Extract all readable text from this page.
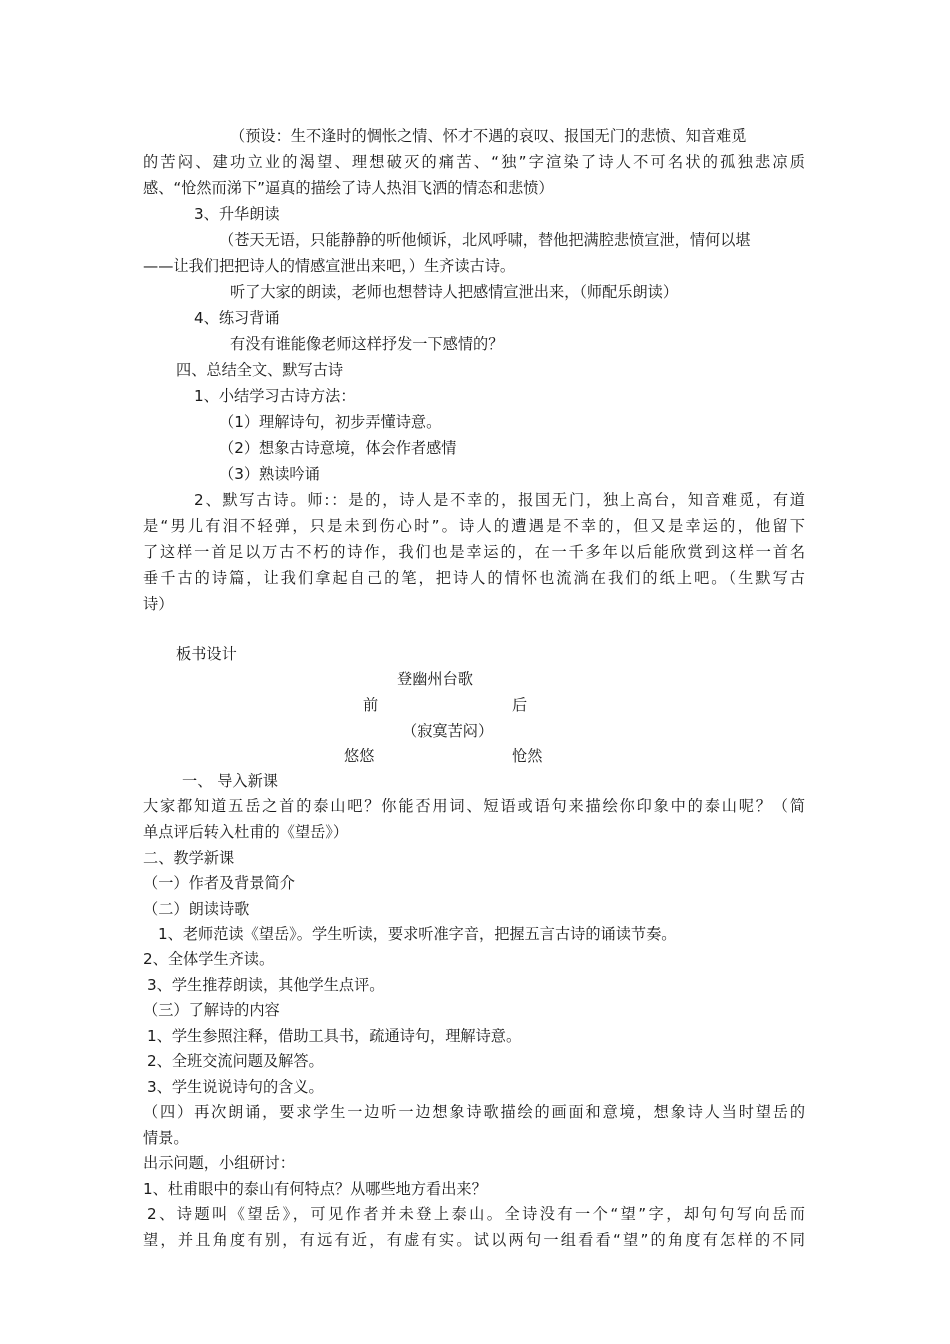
（预设：生不逢时的惆怅之情、怀才不遇的哀叹、报国无门的悲愤、知音难觅

的苦闷、建功立业的渴望、理想破灭的痛苦、“独”字渲染了诗人不可名状的孤独悲凉质

感、“怆然而涕下”逼真的描绘了诗人热泪飞洒的情态和悲愤）

3、升华朗读

（苍天无语，只能静静的听他倾诉，北风呼啸，替他把满腔悲愤宣泄，情何以堪

——让我们把把诗人的情感宣泄出来吧，）生齐读古诗。

听了大家的朗读，老师也想替诗人把感情宣泄出来，（师配乐朗读）

4、练习背诵

有没有谁能像老师这样抒发一下感情的？

四、总结全文、默写古诗

1、小结学习古诗方法：

（1）理解诗句，初步弄懂诗意。

（2）想象古诗意境，体会作者感情

（3）熟读吟诵

2、默写古诗。师:：是的，诗人是不幸的，报国无门，独上高台，知音难觅，有道

是“男儿有泪不轻弹，只是未到伤心时”。诗人的遭遇是不幸的，但又是幸运的，他留下

了这样一首足以万古不朽的诗作，我们也是幸运的，在一千多年以后能欣赏到这样一首名

垂千古的诗篇，让我们拿起自己的笔，把诗人的情怀也流淌在我们的纸上吧。（生默写古

诗）

板书设计

登幽州台歌

前	后

（寂寞苦闷）

悠悠	怆然

一、 导入新课

大家都知道五岳之首的泰山吧？你能否用词、短语或语句来描绘你印象中的泰山呢？（简

单点评后转入杜甫的《望岳》）

二、教学新课

（一）作者及背景简介

（二）朗读诗歌

1、老师范读《望岳》。学生听读，要求听准字音，把握五言古诗的诵读节奏。

2、全体学生齐读。

3、学生推荐朗读，其他学生点评。

（三）了解诗的内容

1、学生参照注释，借助工具书，疏通诗句，理解诗意。

2、全班交流问题及解答。

3、学生说说诗句的含义。

（四）再次朗诵，要求学生一边听一边想象诗歌描绘的画面和意境，想象诗人当时望岳的

情景。

出示问题，小组研讨：

1、杜甫眼中的泰山有何特点？从哪些地方看出来？

2、诗题叫《望岳》，可见作者并未登上泰山。全诗没有一个“望”字，却句句写向岳而

望，并且角度有别，有远有近，有虚有实。试以两句一组看看“望”的角度有怎样的不同
